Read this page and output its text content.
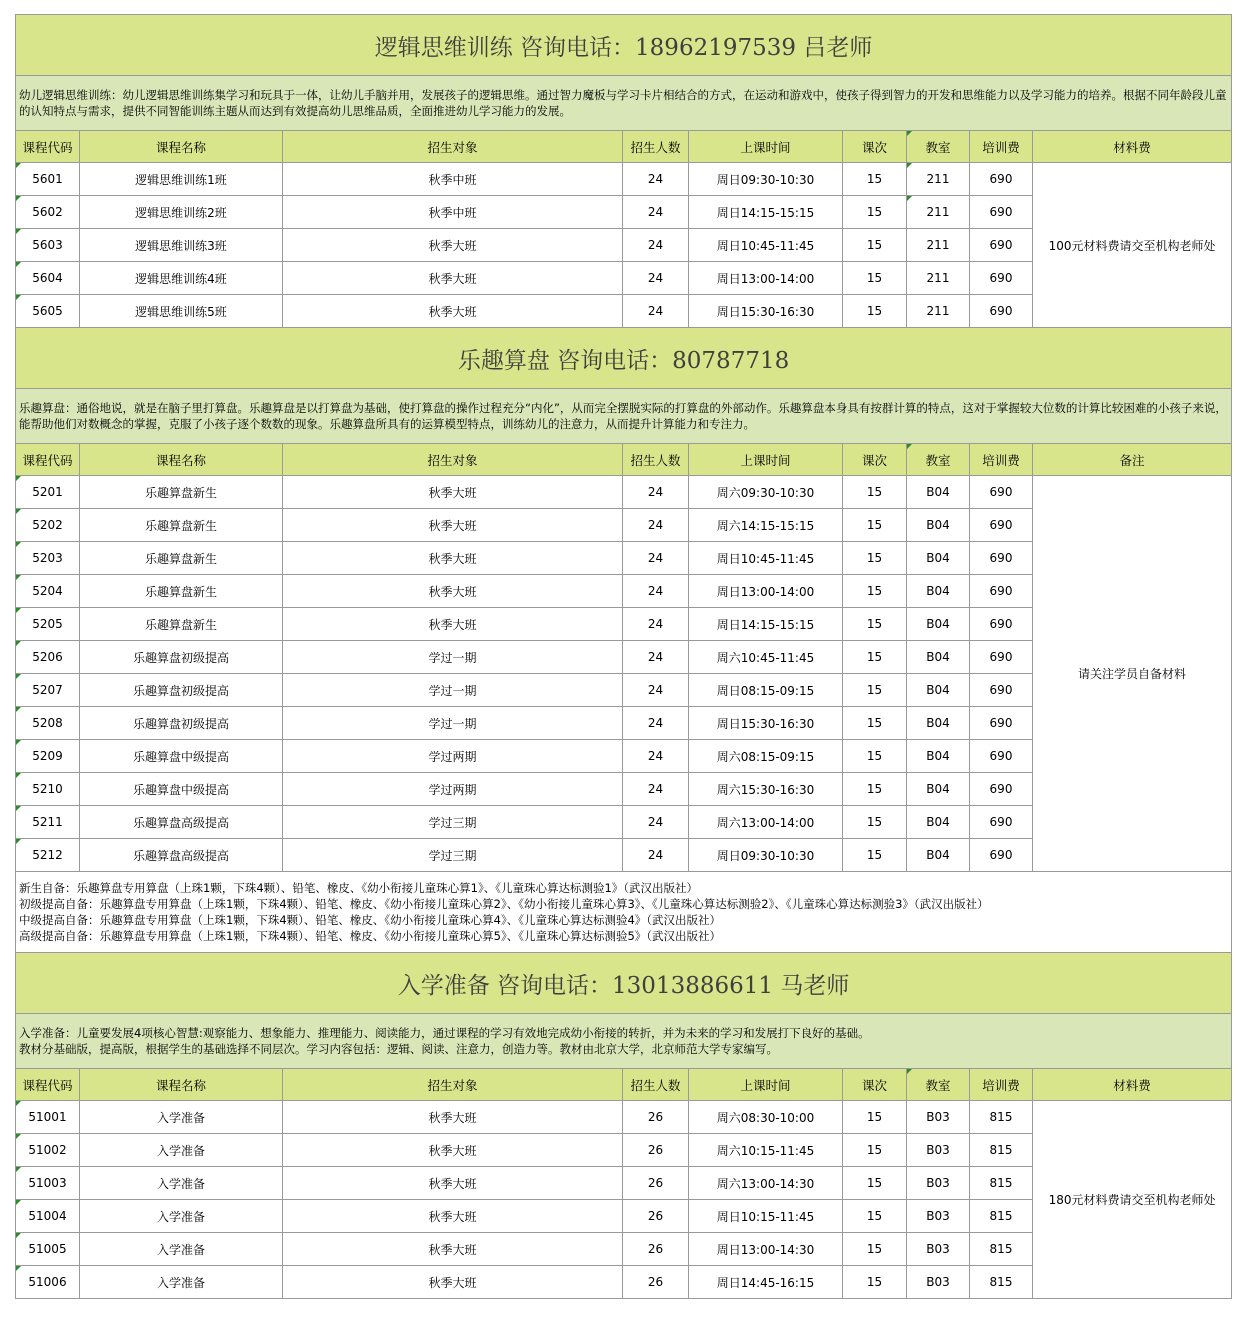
逻辑思维训练 咨询电话：18962197539 吕老师								
幼儿逻辑思维训练：幼儿逻辑思维训练集学习和玩具于一体，让幼儿手脑并用，发展孩子的逻辑思维。通过智力魔板与学习卡片相结合的方式，在运动和游戏中，使孩子得到智力的开发和思维能力以及学习能力的培养。根据不同年龄段儿童的认知特点与需求，提供不同智能训练主题从而达到有效提高幼儿思维品质，全面推进幼儿学习能力的发展。								
课程代码	课程名称	招生对象	招生人数	上课时间	课次	教室	培训费	材料费
5601	逻辑思维训练1班	秋季中班	24	周日09:30-10:30	15	211	690	100元材料费请交至机构老师处
5602	逻辑思维训练2班	秋季中班	24	周日14:15-15:15	15	211	690	
5603	逻辑思维训练3班	秋季大班	24	周日10:45-11:45	15	211	690	
5604	逻辑思维训练4班	秋季大班	24	周日13:00-14:00	15	211	690	
5605	逻辑思维训练5班	秋季大班	24	周日15:30-16:30	15	211	690	
乐趣算盘 咨询电话：80787718								
乐趣算盘：通俗地说，就是在脑子里打算盘。乐趣算盘是以打算盘为基础，使打算盘的操作过程充分“内化”，从而完全摆脱实际的打算盘的外部动作。乐趣算盘本身具有按群计算的特点，这对于掌握较大位数的计算比较困难的小孩子来说，能帮助他们对数概念的掌握，克服了小孩子逐个数数的现象。乐趣算盘所具有的运算模型特点，训练幼儿的注意力，从而提升计算能力和专注力。								
课程代码	课程名称	招生对象	招生人数	上课时间	课次	教室	培训费	备注
5201	乐趣算盘新生	秋季大班	24	周六09:30-10:30	15	B04	690	请关注学员自备材料
5202	乐趣算盘新生	秋季大班	24	周六14:15-15:15	15	B04	690	
5203	乐趣算盘新生	秋季大班	24	周日10:45-11:45	15	B04	690	
5204	乐趣算盘新生	秋季大班	24	周日13:00-14:00	15	B04	690	
5205	乐趣算盘新生	秋季大班	24	周日14:15-15:15	15	B04	690	
5206	乐趣算盘初级提高	学过一期	24	周六10:45-11:45	15	B04	690	
5207	乐趣算盘初级提高	学过一期	24	周日08:15-09:15	15	B04	690	
5208	乐趣算盘初级提高	学过一期	24	周日15:30-16:30	15	B04	690	
5209	乐趣算盘中级提高	学过两期	24	周六08:15-09:15	15	B04	690	
5210	乐趣算盘中级提高	学过两期	24	周六15:30-16:30	15	B04	690	
5211	乐趣算盘高级提高	学过三期	24	周六13:00-14:00	15	B04	690	
5212	乐趣算盘高级提高	学过三期	24	周日09:30-10:30	15	B04	690	

新生自备：乐趣算盘专用算盘（上珠1颗，下珠4颗）、铅笔、橡皮、《幼小衔接儿童珠心算1》、《儿童珠心算达标测验1》（武汉出版社）
初级提高自备：乐趣算盘专用算盘（上珠1颗，下珠4颗）、铅笔、橡皮、《幼小衔接儿童珠心算2》、《幼小衔接儿童珠心算3》、《儿童珠心算达标测验2》、《儿童珠心算达标测验3》（武汉出版社）
中级提高自备：乐趣算盘专用算盘（上珠1颗，下珠4颗）、铅笔、橡皮、《幼小衔接儿童珠心算4》、《儿童珠心算达标测验4》（武汉出版社）
高级提高自备：乐趣算盘专用算盘（上珠1颗，下珠4颗）、铅笔、橡皮、《幼小衔接儿童珠心算5》、《儿童珠心算达标测验5》（武汉出版社）								

入学准备 咨询电话：13013886611 马老师								

入学准备：儿童要发展4项核心智慧:观察能力、想象能力、推理能力、阅读能力，通过课程的学习有效地完成幼小衔接的转折，并为未来的学习和发展打下良好的基础。
教材分基础版，提高版，根据学生的基础选择不同层次。学习内容包括：逻辑、阅读、注意力，创造力等。教材由北京大学，北京师范大学专家编写。								

课程代码	课程名称	招生对象	招生人数	上课时间	课次	教室	培训费	材料费
51001	入学准备	秋季大班	26	周六08:30-10:00	15	B03	815	180元材料费请交至机构老师处
51002	入学准备	秋季大班	26	周六10:15-11:45	15	B03	815	
51003	入学准备	秋季大班	26	周六13:00-14:30	15	B03	815	
51004	入学准备	秋季大班	26	周日10:15-11:45	15	B03	815	
51005	入学准备	秋季大班	26	周日13:00-14:30	15	B03	815	
51006	入学准备	秋季大班	26	周日14:45-16:15	15	B03	815	
